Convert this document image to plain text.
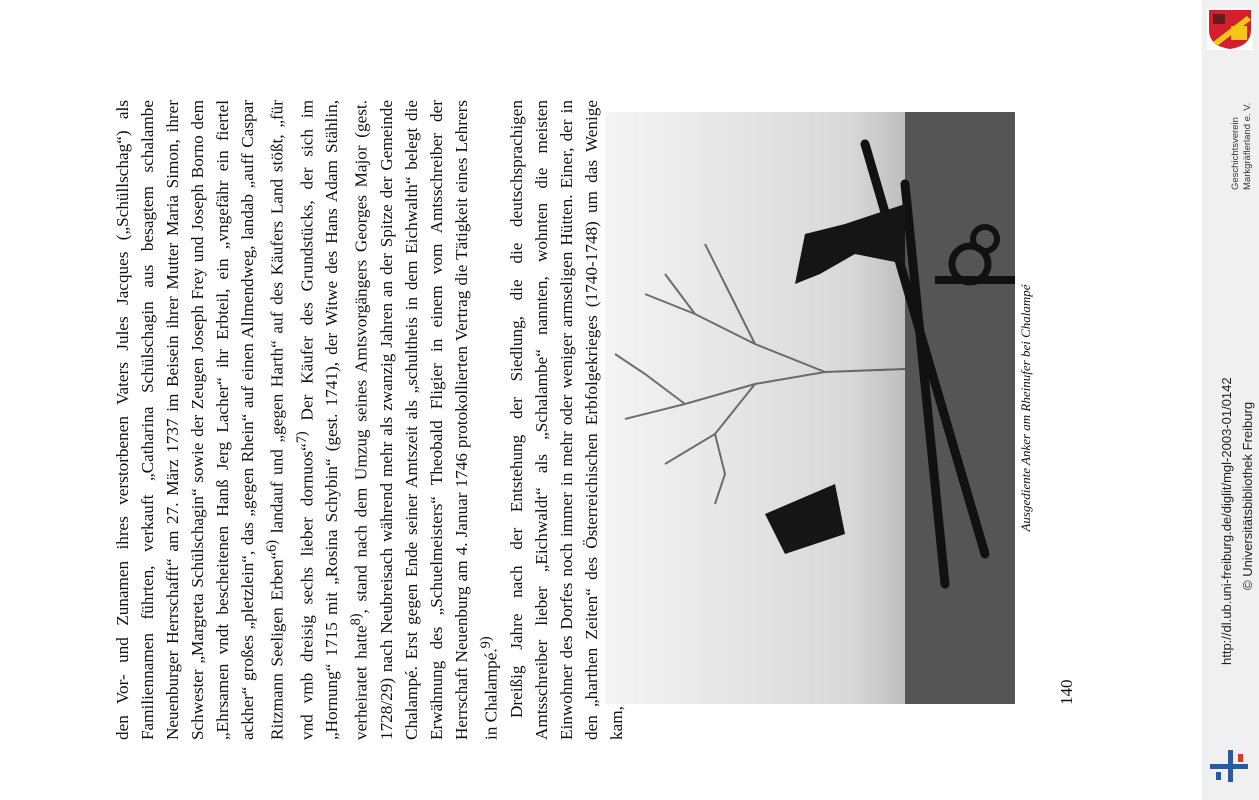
den Vor- und Zunamen ihres verstorbenen Vaters Jules Jacques („Schüllschag“) als Familiennamen führten, verkauft „Catharina Schülschagin aus besagtem schalambe Neuenburger Herrschafft“ am 27. März 1737 im Beisein ihrer Mutter Maria Simon, ihrer Schwester „Margreta Schülschagin“ sowie der Zeugen Joseph Frey und Joseph Borno dem „Ehrsamen vndt bescheitenen Hanß Jerg Lacher“ ihr Erbteil, ein „vngefähr ein fiertel ackher“ großes „pletzlein“, das „gegen Rhein“ auf einen Allmendweg, landab „auff Caspar Ritzmann Seeligen Erben“$^{6)}$ landauf und „gegen Harth“ auf des Käufers Land stößt, „für vnd vmb dreisig sechs lieber dornuos“$^{7)}$ Der Käufer des Grundstücks, der sich im „Hornung“ 1715 mit „Rosina Schybin“ (gest. 1741), der Witwe des Hans Adam Stählin, verheiratet hatte$^{8)}$, stand nach dem Umzug seines Amtsvorgängers Georges Major (gest. 1728/29) nach Neubreisach während mehr als zwanzig Jahren an der Spitze der Gemeinde Chalampé. Erst gegen Ende seiner Amtszeit als „schultheis in dem Eichwalth“ belegt die Erwähnung des „Schuelmeisters“ Theobald Fligier in einem vom Amtsschreiber der Herrschaft Neuenburg am 4. Januar 1746 protokollierten Vertrag die Tätigkeit eines Lehrers in Chalampé.$^{9)}$

Dreißig Jahre nach der Entstehung der Siedlung, die die deutschsprachigen Amtsschreiber lieber „Eichwaldt“ als „Schalambe“ nannten, wohnten die meisten Einwohner des Dorfes noch immer in mehr oder weniger armseligen Hütten. Einer, der in den „harthen Zeiten“ des Österreichischen Erbfolgekrieges (1740-1748) um das Wenige kam,

Ausgediente Anker am Rheinufer bei Chalampé
140
Geschichtsverein Markgräflerland e. V.
http://dl.ub.uni-freiburg.de/diglit/mgl-2003-01/0142 © Universitätsbibliothek Freiburg
